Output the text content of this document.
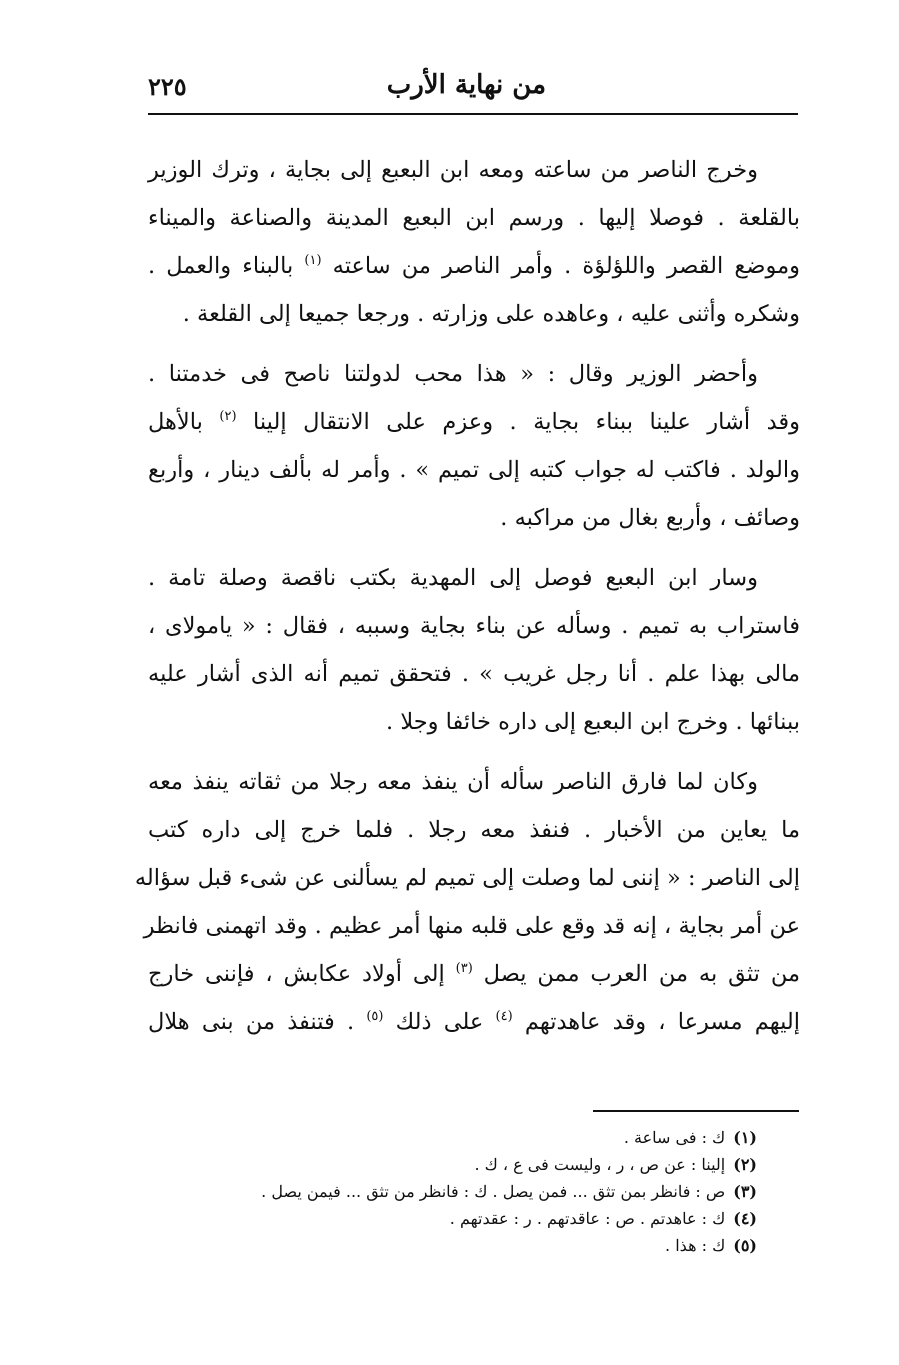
من نهاية الأرب
٢٢٥
وخرج الناصر من ساعته ومعه ابن البعبع إلى بجاية ، وترك الوزير
بالقلعة . فوصلا إليها . ورسم ابن البعبع المدينة والصناعة والميناء
وموضع القصر واللؤلؤة . وأمر الناصر من ساعته $^{(١)}$ بالبناء والعمل .
وشكره وأثنى عليه ، وعاهده على وزارته . ورجعا جميعا إلى القلعة .
وأحضر الوزير وقال : « هذا محب لدولتنا ناصح فى خدمتنا .
وقد أشار علينا ببناء بجاية . وعزم على الانتقال إلينا $^{(٢)}$ بالأهل
والولد . فاكتب له جواب كتبه إلى تميم » . وأمر له بألف دينار ، وأربع
وصائف ، وأربع بغال من مراكبه .
وسار ابن البعبع فوصل إلى المهدية بكتب ناقصة وصلة تامة .
فاستراب به تميم . وسأله عن بناء بجاية وسببه ، فقال : « يامولاى ،
مالى بهذا علم . أنا رجل غريب » . فتحقق تميم أنه الذى أشار عليه
ببنائها . وخرج ابن البعبع إلى داره خائفا وجلا .
وكان لما فارق الناصر سأله أن ينفذ معه رجلا من ثقاته ينفذ معه
ما يعاين من الأخبار . فنفذ معه رجلا . فلما خرج إلى داره كتب
إلى الناصر : « إننى لما وصلت إلى تميم لم يسألنى عن شىء قبل سؤاله
عن أمر بجاية ، إنه قد وقع على قلبه منها أمر عظيم . وقد اتهمنى فانظر
من تثق به من العرب ممن يصل $^{(٣)}$ إلى أولاد عكابش ، فإننى خارج
إليهم مسرعا ، وقد عاهدتهم $^{(٤)}$ على ذلك $^{(٥)}$ . فتنفذ من بنى هلال
(١)ك : فى ساعة .
(٢)إلينا : عن ص ، ر ، وليست فى ع ، ك .
(٣)ص : فانظر بمن تثق ... فمن يصل . ك : فانظر من تثق ... فيمن يصل .
(٤)ك : عاهدتم . ص : عاقدتهم . ر : عقدتهم .
(٥)ك : هذا .
